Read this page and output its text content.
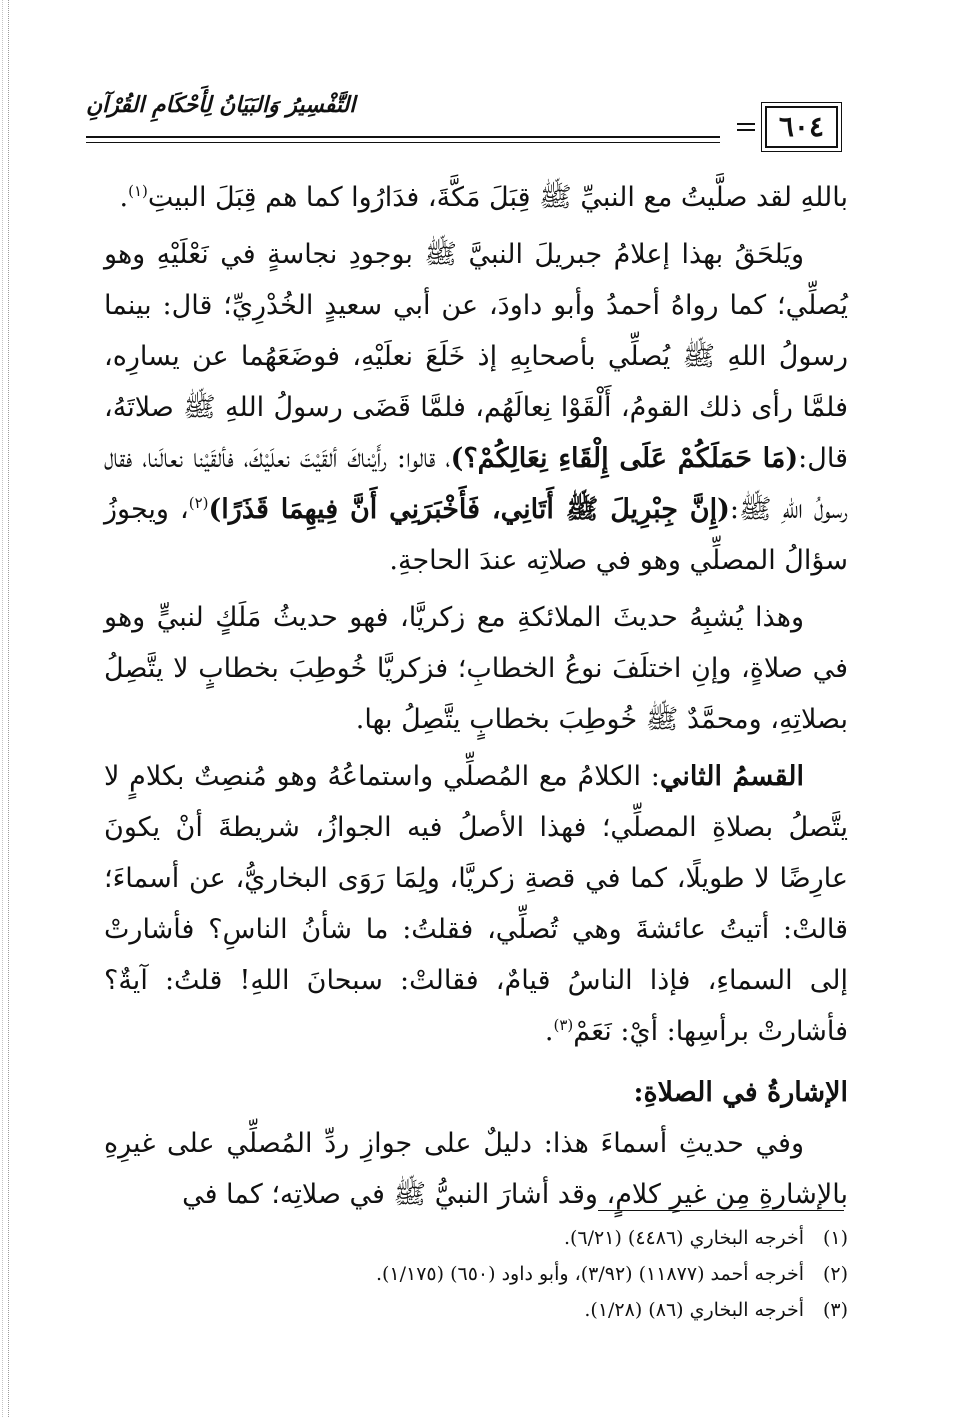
٦٠٤
التَّفْسِيرُ وَالبَيَانُ لِأَحْكَامِ القُرْآنِ

باللهِ لقد صلَّيتُ مع النبيِّ ﷺ قِبَلَ مَكَّةَ، فدَارُوا كما هم قِبَلَ البيتِ$^{(١)}$.

ويَلحَقُ بهذا إعلامُ جبريلَ النبيَّ ﷺ بوجودِ نجاسةٍ في نَعْلَيْهِ وهو يُصلِّي؛ كما رواهُ أحمدُ وأبو داودَ، عن أبي سعيدٍ الخُدْرِيِّ؛ قال: بينما رسولُ اللهِ ﷺ يُصلِّي بأصحابِهِ إذ خَلَعَ نعلَيْهِ، فوضَعَهُما عن يسارِه، فلمَّا رأى ذلك القومُ، أَلْقَوْا نِعالَهُم، فلمَّا قَضَى رسولُ اللهِ ﷺ صلاتَهُ، قال:(مَا حَمَلَكُمْ عَلَى إِلْقَاءِ نِعَالِكُمْ؟)، قالوا: رأَيْناكَ ألقَيْتَ نعلَيْكَ، فألقَيْنا نعالَنا، فقال رسولُ اللهِ ﷺ:(إِنَّ جِبْرِيلَ ﷺ أَتَانِي، فَأَخْبَرَنِي أَنَّ فِيهِمَا قَذَرًا)$^{(٢)}$، ويجوزُ سؤالُ المصلِّي وهو في صلاتِه عندَ الحاجةِ.

وهذا يُشبِهُ حديثَ الملائكةِ مع زكريَّا، فهو حديثُ مَلَكٍ لنبيٍّ وهو في صلاةٍ، وإنِ اختلَفَ نوعُ الخطابِ؛ فزكريَّا خُوطِبَ بخطابٍ لا يتَّصِلُ بصلاتِهِ، ومحمَّدٌ ﷺ خُوطِبَ بخطابٍ يتَّصِلُ بها.

القسمُ الثاني: الكلامُ مع المُصلِّي واستماعُهُ وهو مُنصِتٌ بكلامٍ لا يتَّصلُ بصلاةِ المصلِّي؛ فهذا الأصلُ فيه الجوازُ، شريطةَ أنْ يكونَ عارِضًا لا طويلًا، كما في قصةِ زكريَّا، ولِمَا رَوَى البخاريُّ، عن أسماءَ؛ قالتْ: أتيتُ عائشةَ وهي تُصلِّي، فقلتُ: ما شأنُ الناسِ؟ فأشارتْ إلى السماءِ، فإذا الناسُ قيامٌ، فقالتْ: سبحانَ اللهِ! قلتُ: آيةٌ؟ فأشارتْ برأسِها: أيْ: نَعَمْ$^{(٣)}$.

الإشارةُ في الصلاةِ:

وفي حديثِ أسماءَ هذا: دليلٌ على جوازِ ردِّ المُصلِّي على غيرِهِ بالإشارةِ مِن غيرِ كلامٍ، وقد أشارَ النبيُّ ﷺ في صلاتِه؛ كما في

(١)
أخرجه البخاري (٤٤٨٦) (٦/٢١).
(٢)
أخرجه أحمد (١١٨٧٧) (٣/٩٢)، وأبو داود (٦٥٠) (١/١٧٥).
(٣)
أخرجه البخاري (٨٦) (١/٢٨).
